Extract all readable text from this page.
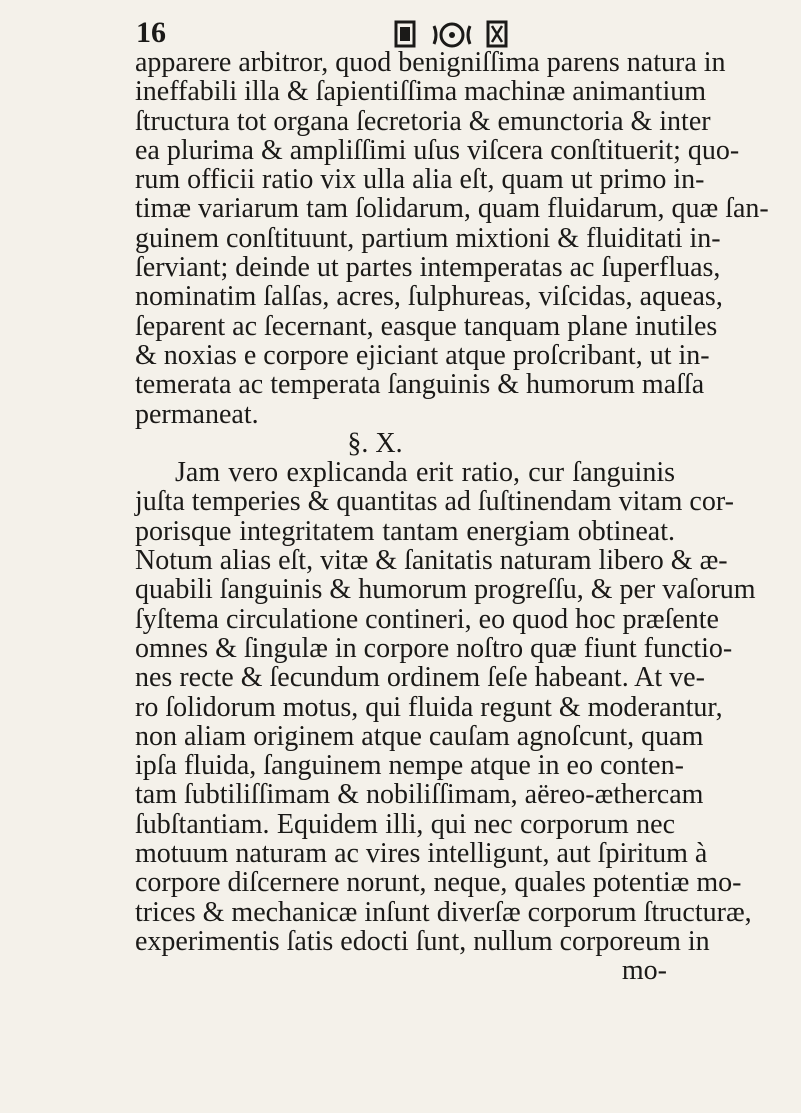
16
apparere arbitror, quod benigniſſima parens natura in
ineffabili illa & ſapientiſſima machinæ animantium
ſtructura tot organa ſecretoria & emunctoria & inter
ea plurima & ampliſſimi uſus viſcera conſtituerit; quo-
rum officii ratio vix ulla alia eſt, quam ut primo in-
timæ variarum tam ſolidarum, quam fluidarum, quæ ſan-
guinem conſtituunt, partium mixtioni & fluiditati in-
ſerviant; deinde ut partes intemperatas ac ſuperfluas,
nominatim ſalſas, acres, ſulphureas, viſcidas, aqueas,
ſeparent ac ſecernant, easque tanquam plane inutiles
& noxias e corpore ejiciant atque proſcribant, ut in-
temerata ac temperata ſanguinis & humorum maſſa
permaneat.
§. X.
Jam vero explicanda erit ratio, cur ſanguinis
juſta temperies & quantitas ad ſuſtinendam vitam cor-
porisque integritatem tantam energiam obtineat.
Notum alias eſt, vitæ & ſanitatis naturam libero & æ-
quabili ſanguinis & humorum progreſſu, & per vaſorum
ſyſtema circulatione contineri, eo quod hoc præſente
omnes & ſingulæ in corpore noſtro quæ fiunt functio-
nes recte & ſecundum ordinem ſeſe habeant. At ve-
ro ſolidorum motus, qui fluida regunt & moderantur,
non aliam originem atque cauſam agnoſcunt, quam
ipſa fluida, ſanguinem nempe atque in eo conten-
tam ſubtiliſſimam & nobiliſſimam, aëreo-æthercam
ſubſtantiam. Equidem illi, qui nec corporum nec
motuum naturam ac vires intelligunt, aut ſpiritum à
corpore diſcernere norunt, neque, quales potentiæ mo-
trices & mechanicæ inſunt diverſæ corporum ſtructuræ,
experimentis ſatis edocti ſunt, nullum corporeum in
mo-
